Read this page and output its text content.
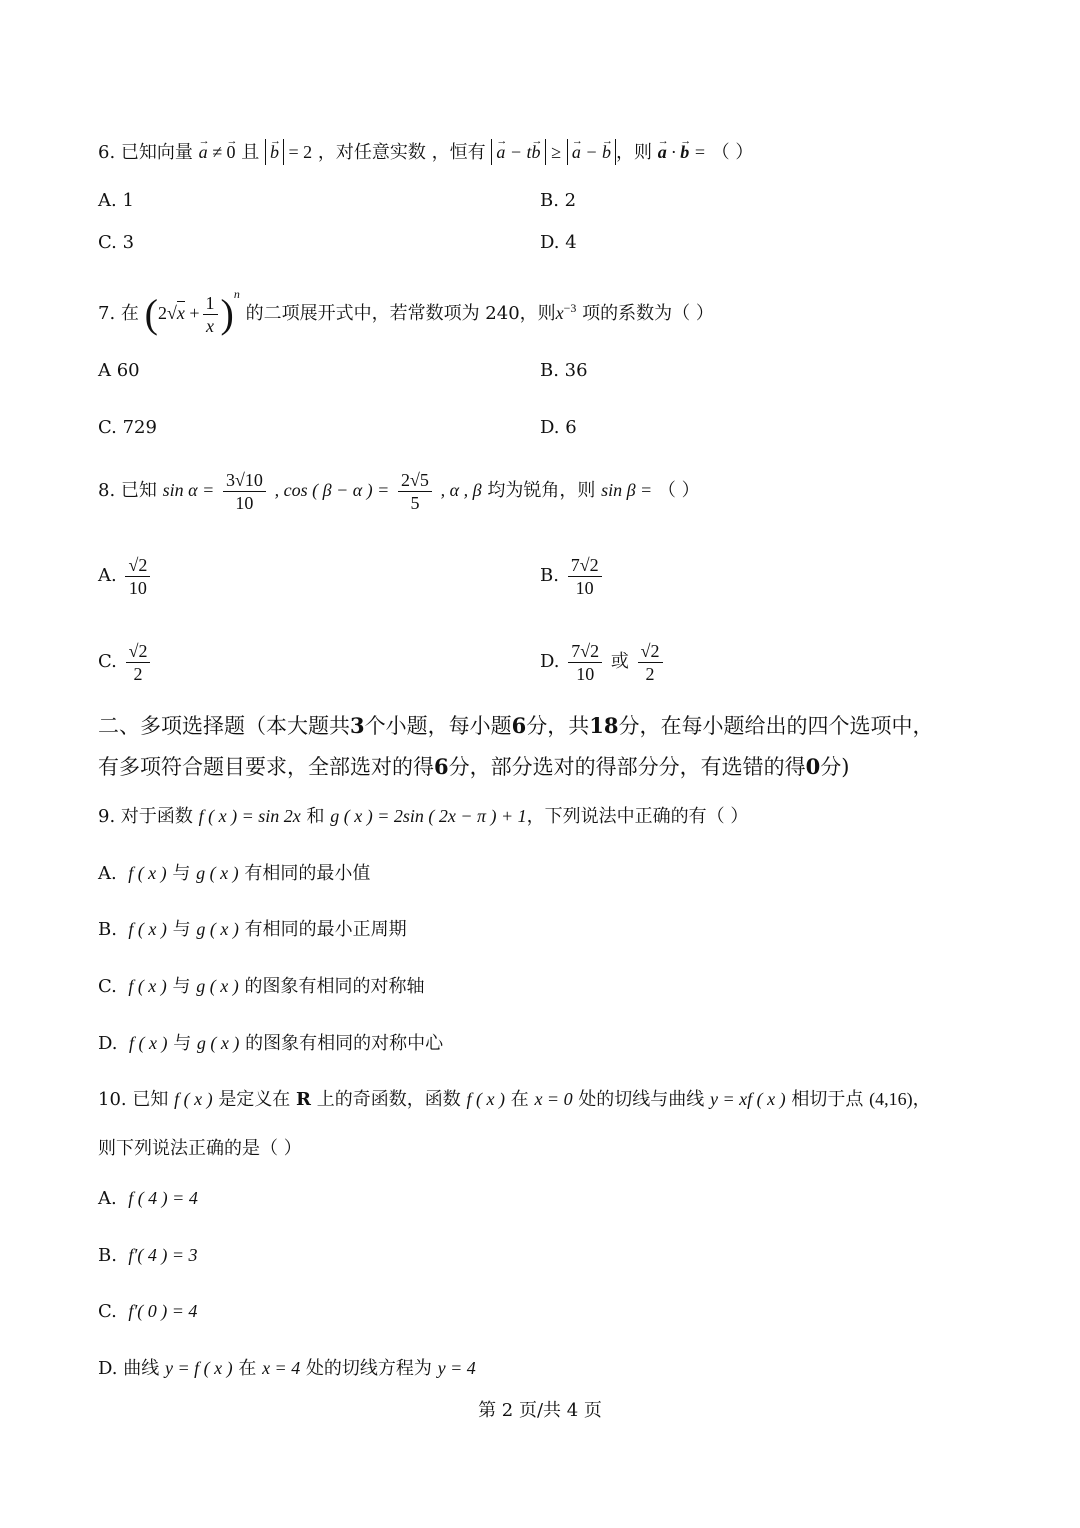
6. 已知向量 → a ≠ → 0 且 → b = 2 ，对任意实数 ，恒有 → a − t→ b ≥ → a − → b ，则 → a · → b = （ ）
A. 1	B. 2
C. 3	D. 4
7. 在 $(2√x + \frac{1}{x} )^n$ 的二项展开式中，若常数项为 240，则$x^{-3}$ 项的系数为（ ）
A 60	B. 36
C. 729	D. 6
8. 已知 $\sin \alpha = \frac{3√10}{10}$ , cos ( β − α ) = $\frac{2√5}{5}$ , α , β 均为锐角，则 sin β = （ ）
A. $\frac{√2}{10}$	B. $\frac{7√2}{10}$
C. $\frac{√2}{2}$	D. $\frac{7√2}{10}$ 或 $\frac{√2}{2}$
二、多项选择题（本大题共3个小题，每小题6分，共18分，在每小题给出的四个选项中，
有多项符合题目要求，全部选对的得6分，部分选对的得部分分，有选错的得0分)
9. 对于函数 f ( x ) = sin 2x 和 g ( x ) = 2sin ( 2x − π ) + 1，下列说法中正确的有（ ）
A. f ( x ) 与 g ( x ) 有相同的最小值
B. f ( x ) 与 g ( x ) 有相同的最小正周期
C. f ( x ) 与 g ( x ) 的图象有相同的对称轴
D. f ( x ) 与 g ( x ) 的图象有相同的对称中心
10. 已知 f ( x ) 是定义在 R 上的奇函数，函数 f ( x ) 在 x = 0 处的切线与曲线 y = xf ( x ) 相切于点 (4,16)，
则下列说法正确的是（ ）
A. f ( 4 ) = 4
B. f′( 4 ) = 3
C. f′( 0 ) = 4
D. 曲线 y = f ( x ) 在 x = 4 处的切线方程为 y = 4
第 2 页/共 4 页
